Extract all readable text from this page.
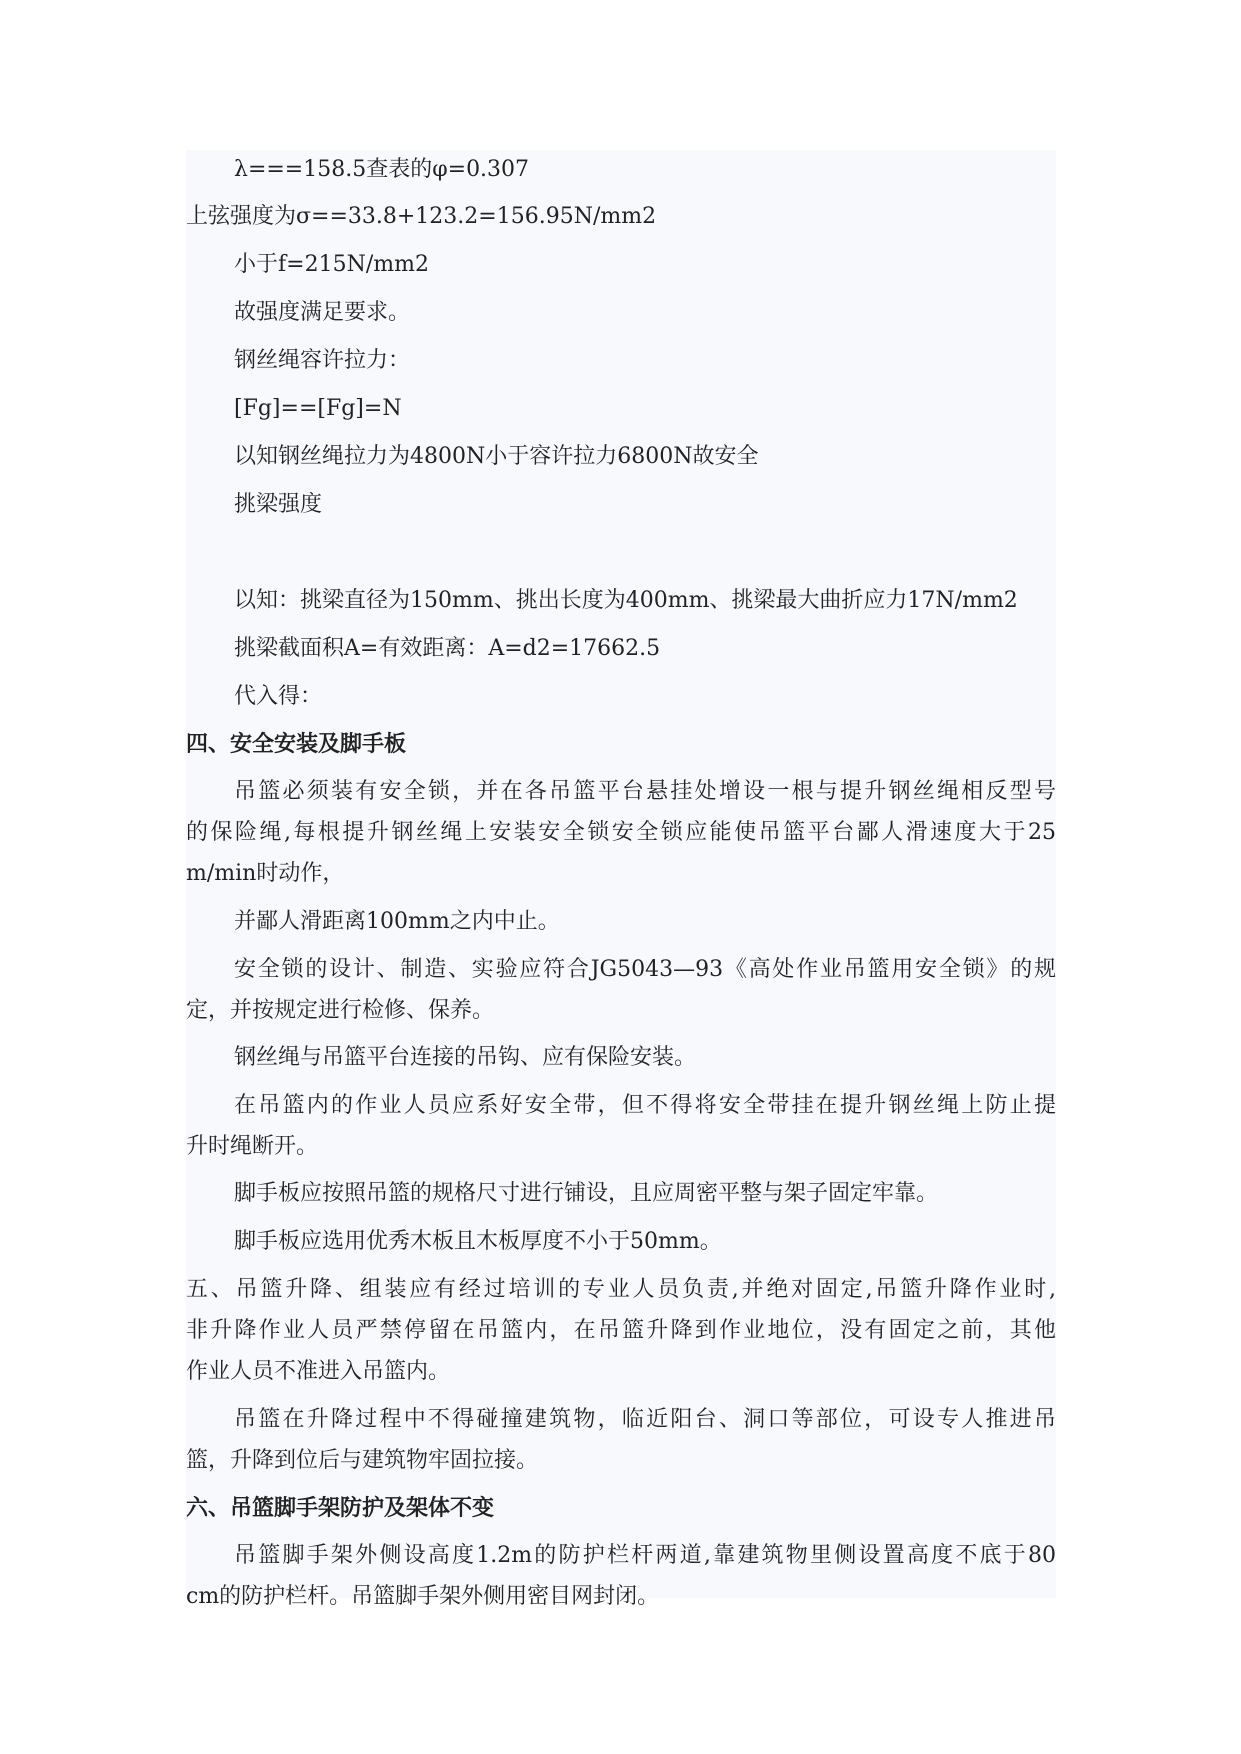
λ===158.5查表的φ=0.307

上弦强度为σ==33.8+123.2=156.95N/mm2

小于f=215N/mm2

故强度满足要求。

钢丝绳容许拉力：

[Fg]==[Fg]=N

以知钢丝绳拉力为4800N小于容许拉力6800N故安全

挑梁强度

以知：挑梁直径为150mm、挑出长度为400mm、挑梁最大曲折应力17N/mm2

挑梁截面积A=有效距离：A=d2=17662.5

代入得：

四、安全安装及脚手板

吊篮必须装有安全锁，并在各吊篮平台悬挂处增设一根与提升钢丝绳相反型号

的保险绳,每根提升钢丝绳上安装安全锁安全锁应能使吊篮平台鄙人滑速度大于25

m/min时动作，

并鄙人滑距离100mm之内中止。

安全锁的设计、制造、实验应符合JG5043—93《高处作业吊篮用安全锁》的规

定，并按规定进行检修、保养。

钢丝绳与吊篮平台连接的吊钩、应有保险安装。

在吊篮内的作业人员应系好安全带，但不得将安全带挂在提升钢丝绳上防止提

升时绳断开。

脚手板应按照吊篮的规格尺寸进行铺设，且应周密平整与架子固定牢靠。

脚手板应选用优秀木板且木板厚度不小于50mm。

五、吊篮升降、组装应有经过培训的专业人员负责,并绝对固定,吊篮升降作业时,

非升降作业人员严禁停留在吊篮内，在吊篮升降到作业地位，没有固定之前，其他

作业人员不准进入吊篮内。

吊篮在升降过程中不得碰撞建筑物，临近阳台、洞口等部位，可设专人推进吊

篮，升降到位后与建筑物牢固拉接。

六、吊篮脚手架防护及架体不变

吊篮脚手架外侧设高度1.2m的防护栏杆两道,靠建筑物里侧设置高度不底于80

cm的防护栏杆。吊篮脚手架外侧用密目网封闭。
